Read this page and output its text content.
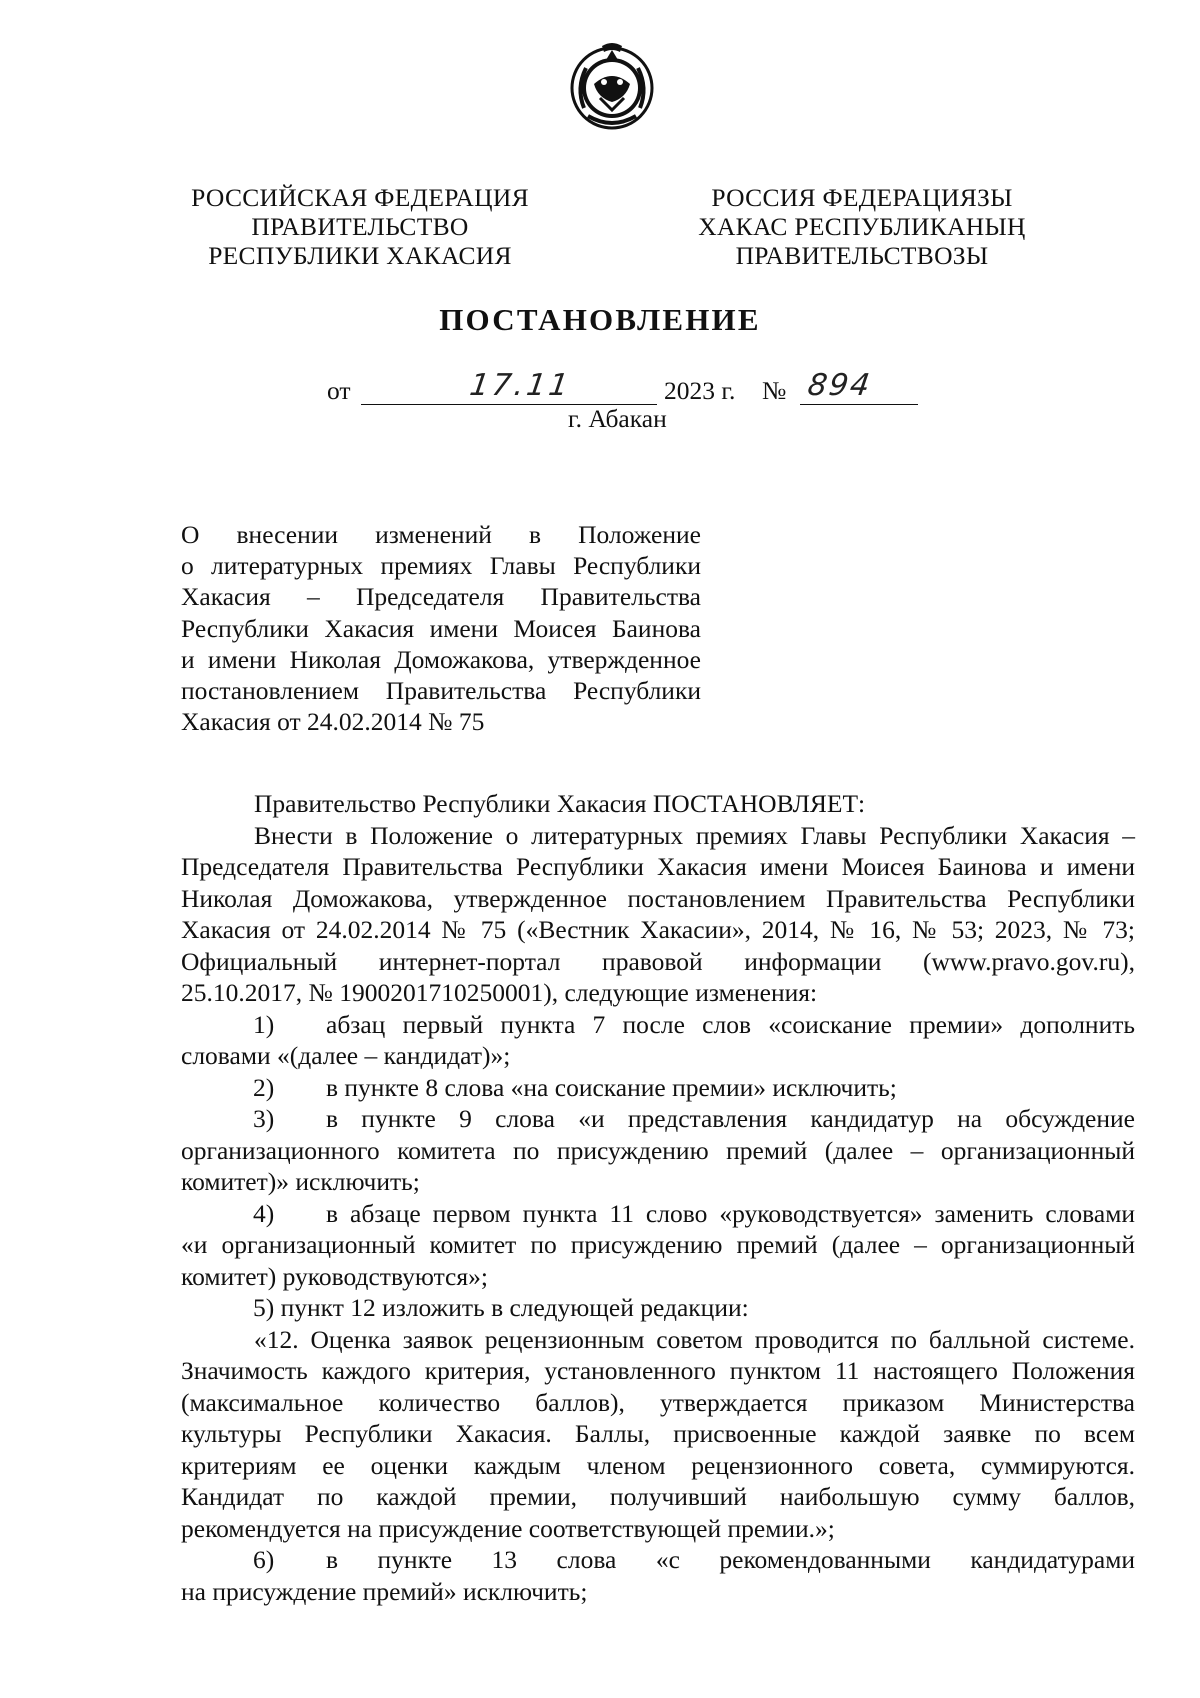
РОССИЙСКАЯ ФЕДЕРАЦИЯ
ПРАВИТЕЛЬСТВО
РЕСПУБЛИКИ ХАКАСИЯ
РОССИЯ ФЕДЕРАЦИЯЗЫ
ХАКАС РЕСПУБЛИКАНЫҢ
ПРАВИТЕЛЬСТВОЗЫ
ПОСТАНОВЛЕНИЕ
от	17.11	2023 г. № 894
г. Абакан
О внесении изменений в Положение
о литературных премиях Главы Республики
Хакасия – Председателя Правительства
Республики Хакасия имени Моисея Баинова
и имени Николая Доможакова, утвержденное
постановлением Правительства Республики
Хакасия от 24.02.2014 № 75
Правительство Республики Хакасия ПОСТАНОВЛЯЕТ:
Внести в Положение о литературных премиях Главы Республики Хакасия –
Председателя Правительства Республики Хакасия имени Моисея Баинова и имени
Николая Доможакова, утвержденное постановлением Правительства Республики
Хакасия от 24.02.2014 № 75 («Вестник Хакасии», 2014, № 16, № 53; 2023, № 73;
Официальный интернет-портал правовой информации (www.pravo.gov.ru),
25.10.2017, № 1900201710250001), следующие изменения:
1)	абзац первый пункта 7 после слов «соискание премии» дополнить
словами «(далее – кандидат)»;
2)	в пункте 8 слова «на соискание премии» исключить;
3)	в пункте 9 слова «и представления кандидатур на обсуждение
организационного комитета по присуждению премий (далее – организационный
комитет)» исключить;
4)	в абзаце первом пункта 11 слово «руководствуется» заменить словами
«и организационный комитет по присуждению премий (далее – организационный
комитет) руководствуются»;
5) пункт 12 изложить в следующей редакции:
«12. Оценка заявок рецензионным советом проводится по балльной системе.
Значимость каждого критерия, установленного пунктом 11 настоящего Положения
(максимальное количество баллов), утверждается приказом Министерства
культуры Республики Хакасия. Баллы, присвоенные каждой заявке по всем
критериям ее оценки каждым членом рецензионного совета, суммируются.
Кандидат по каждой премии, получивший наибольшую сумму баллов,
рекомендуется на присуждение соответствующей премии.»;
6)	в пункте 13 слова «с рекомендованными кандидатурами
на присуждение премий» исключить;
